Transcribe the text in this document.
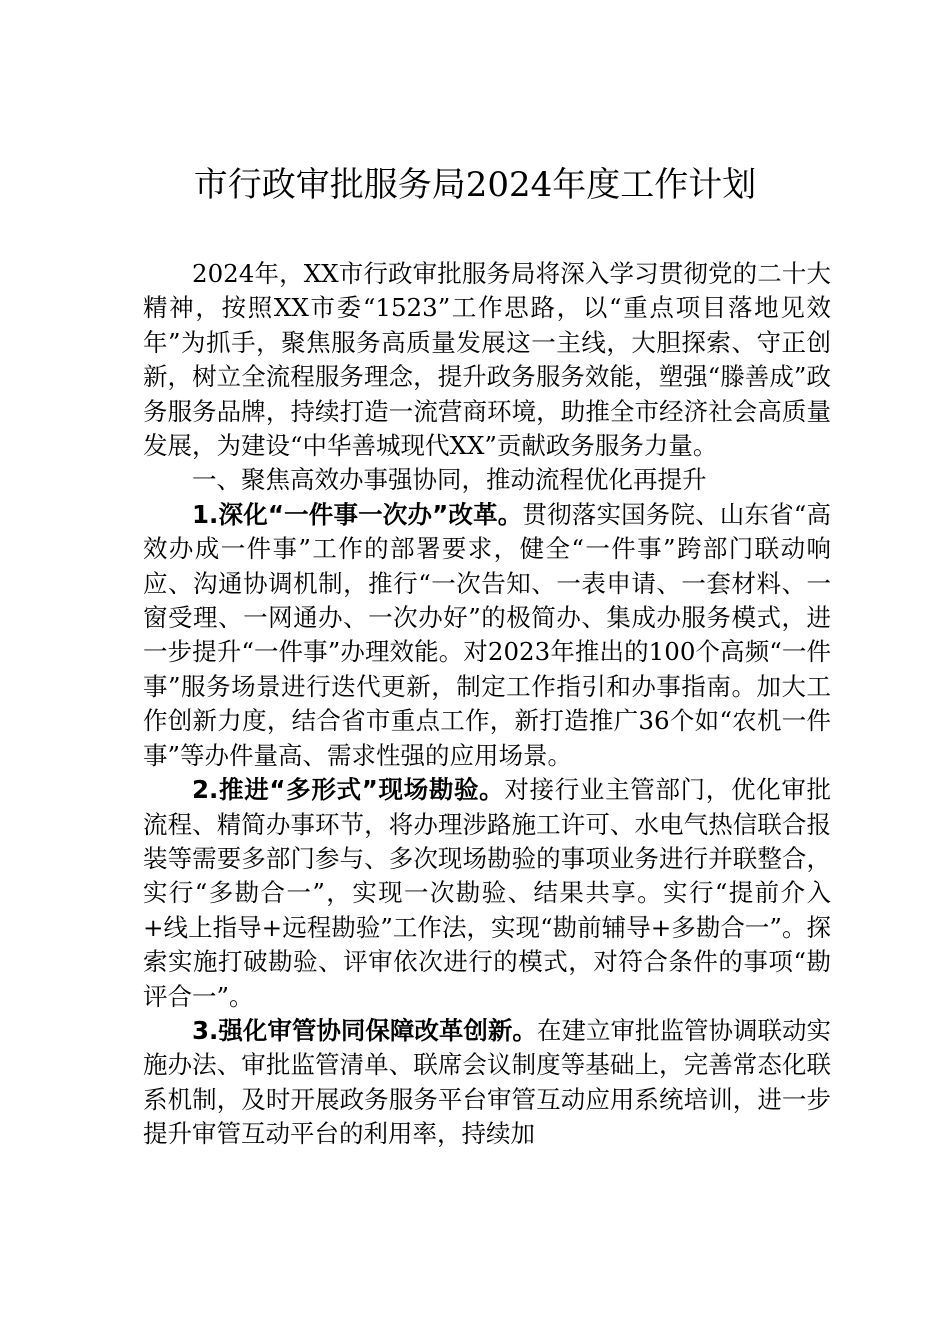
市行政审批服务局2024年度工作计划

2024年，XX市行政审批服务局将深入学习贯彻党的二十大精神，按照XX市委“1523”工作思路，以“重点项目落地见效年”为抓手，聚焦服务高质量发展这一主线，大胆探索、守正创新，树立全流程服务理念，提升政务服务效能，塑强“滕善成”政务服务品牌，持续打造一流营商环境，助推全市经济社会高质量发展，为建设“中华善城现代XX”贡献政务服务力量。

一、聚焦高效办事强协同，推动流程优化再提升

1.深化“一件事一次办”改革。贯彻落实国务院、山东省“高效办成一件事”工作的部署要求，健全“一件事”跨部门联动响应、沟通协调机制，推行“一次告知、一表申请、一套材料、一窗受理、一网通办、一次办好”的极简办、集成办服务模式，进一步提升“一件事”办理效能。对2023年推出的100个高频“一件事”服务场景进行迭代更新，制定工作指引和办事指南。加大工作创新力度，结合省市重点工作，新打造推广36个如“农机一件事”等办件量高、需求性强的应用场景。

2.推进“多形式”现场勘验。对接行业主管部门，优化审批流程、精简办事环节，将办理涉路施工许可、水电气热信联合报装等需要多部门参与、多次现场勘验的事项业务进行并联整合，实行“多勘合一”，实现一次勘验、结果共享。实行“提前介入+线上指导+远程勘验”工作法，实现“勘前辅导+多勘合一”。探索实施打破勘验、评审依次进行的模式，对符合条件的事项“勘评合一”。

3.强化审管协同保障改革创新。在建立审批监管协调联动实施办法、审批监管清单、联席会议制度等基础上，完善常态化联系机制，及时开展政务服务平台审管互动应用系统培训，进一步提升审管互动平台的利用率，持续加
